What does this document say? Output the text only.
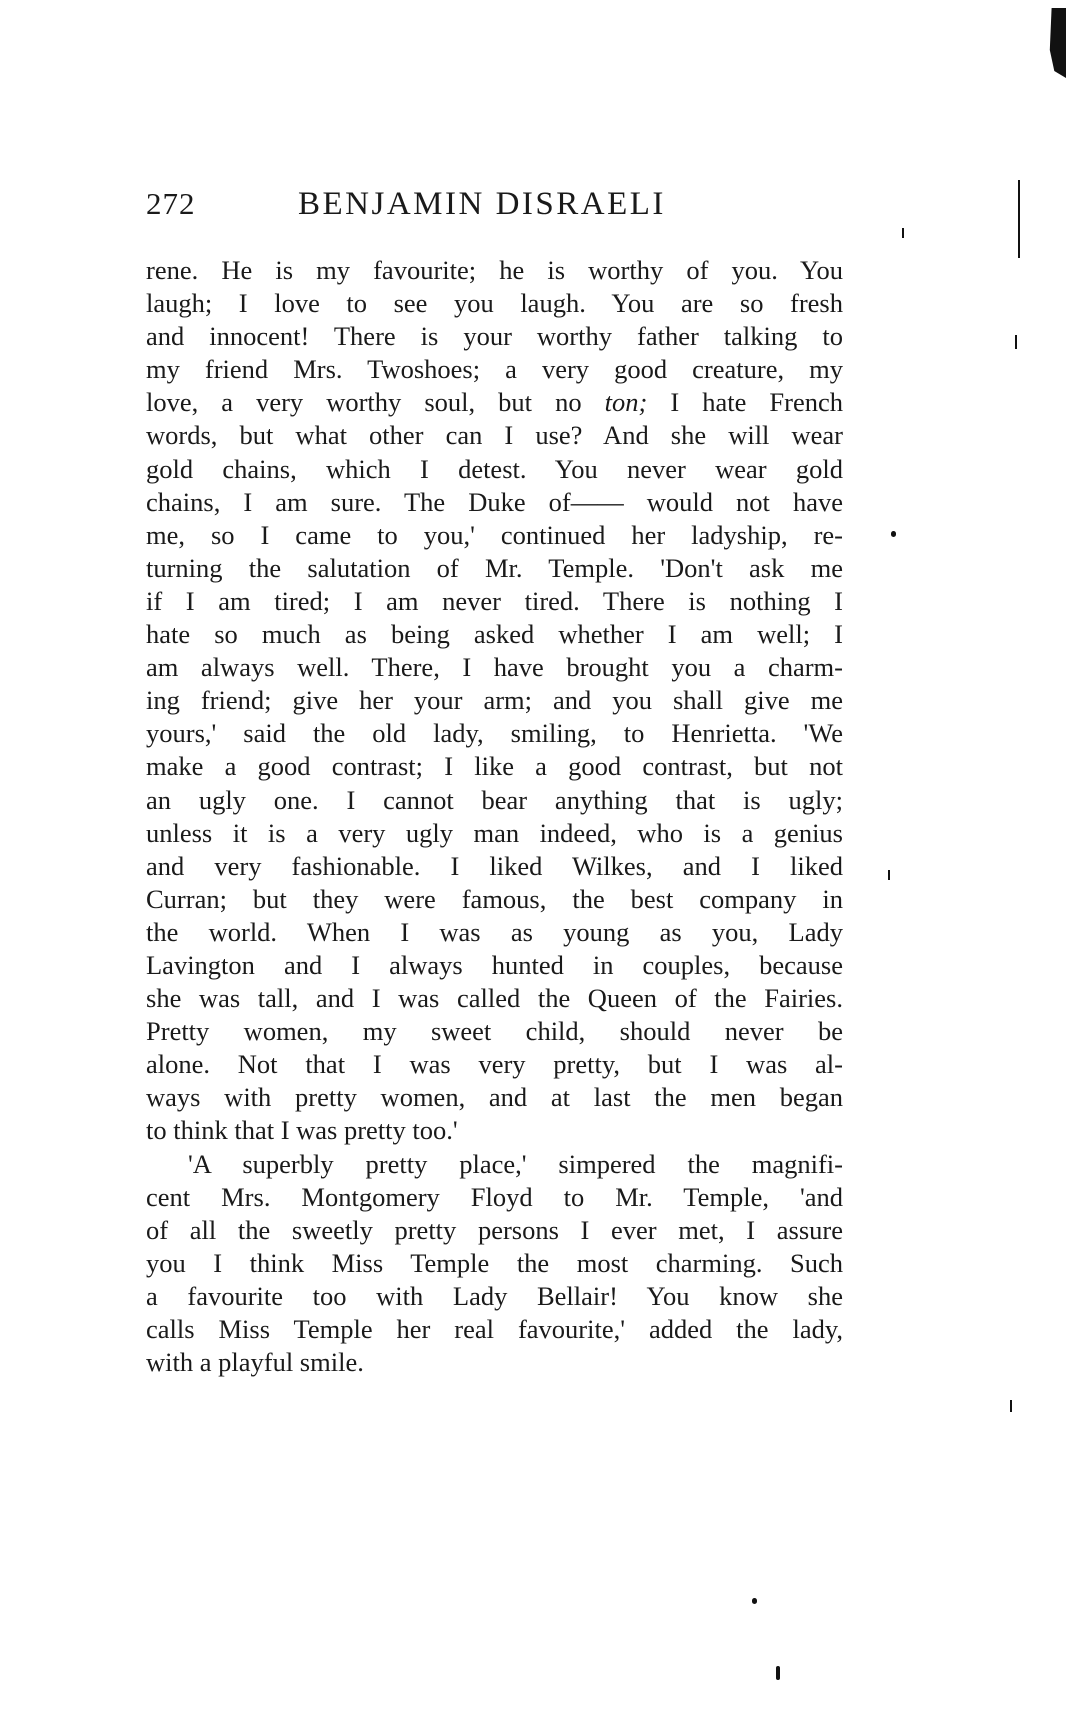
272	BENJAMIN DISRAELI
rene. He is my favourite; he is worthy of you. You
laugh; I love to see you laugh. You are so fresh
and innocent! There is your worthy father talking to
my friend Mrs. Twoshoes; a very good creature, my
love, a very worthy soul, but no ton; I hate French
words, but what other can I use? And she will wear
gold chains, which I detest. You never wear gold
chains, I am sure. The Duke of—— would not have
me, so I came to you,' continued her ladyship, re-
turning the salutation of Mr. Temple. 'Don't ask me
if I am tired; I am never tired. There is nothing I
hate so much as being asked whether I am well; I
am always well. There, I have brought you a charm-
ing friend; give her your arm; and you shall give me
yours,' said the old lady, smiling, to Henrietta. 'We
make a good contrast; I like a good contrast, but not
an ugly one. I cannot bear anything that is ugly;
unless it is a very ugly man indeed, who is a genius
and very fashionable. I liked Wilkes, and I liked
Curran; but they were famous, the best company in
the world. When I was as young as you, Lady
Lavington and I always hunted in couples, because
she was tall, and I was called the Queen of the Fairies.
Pretty women, my sweet child, should never be
alone. Not that I was very pretty, but I was al-
ways with pretty women, and at last the men began
to think that I was pretty too.'
'A superbly pretty place,' simpered the magnifi-
cent Mrs. Montgomery Floyd to Mr. Temple, 'and
of all the sweetly pretty persons I ever met, I assure
you I think Miss Temple the most charming. Such
a favourite too with Lady Bellair! You know she
calls Miss Temple her real favourite,' added the lady,
with a playful smile.
